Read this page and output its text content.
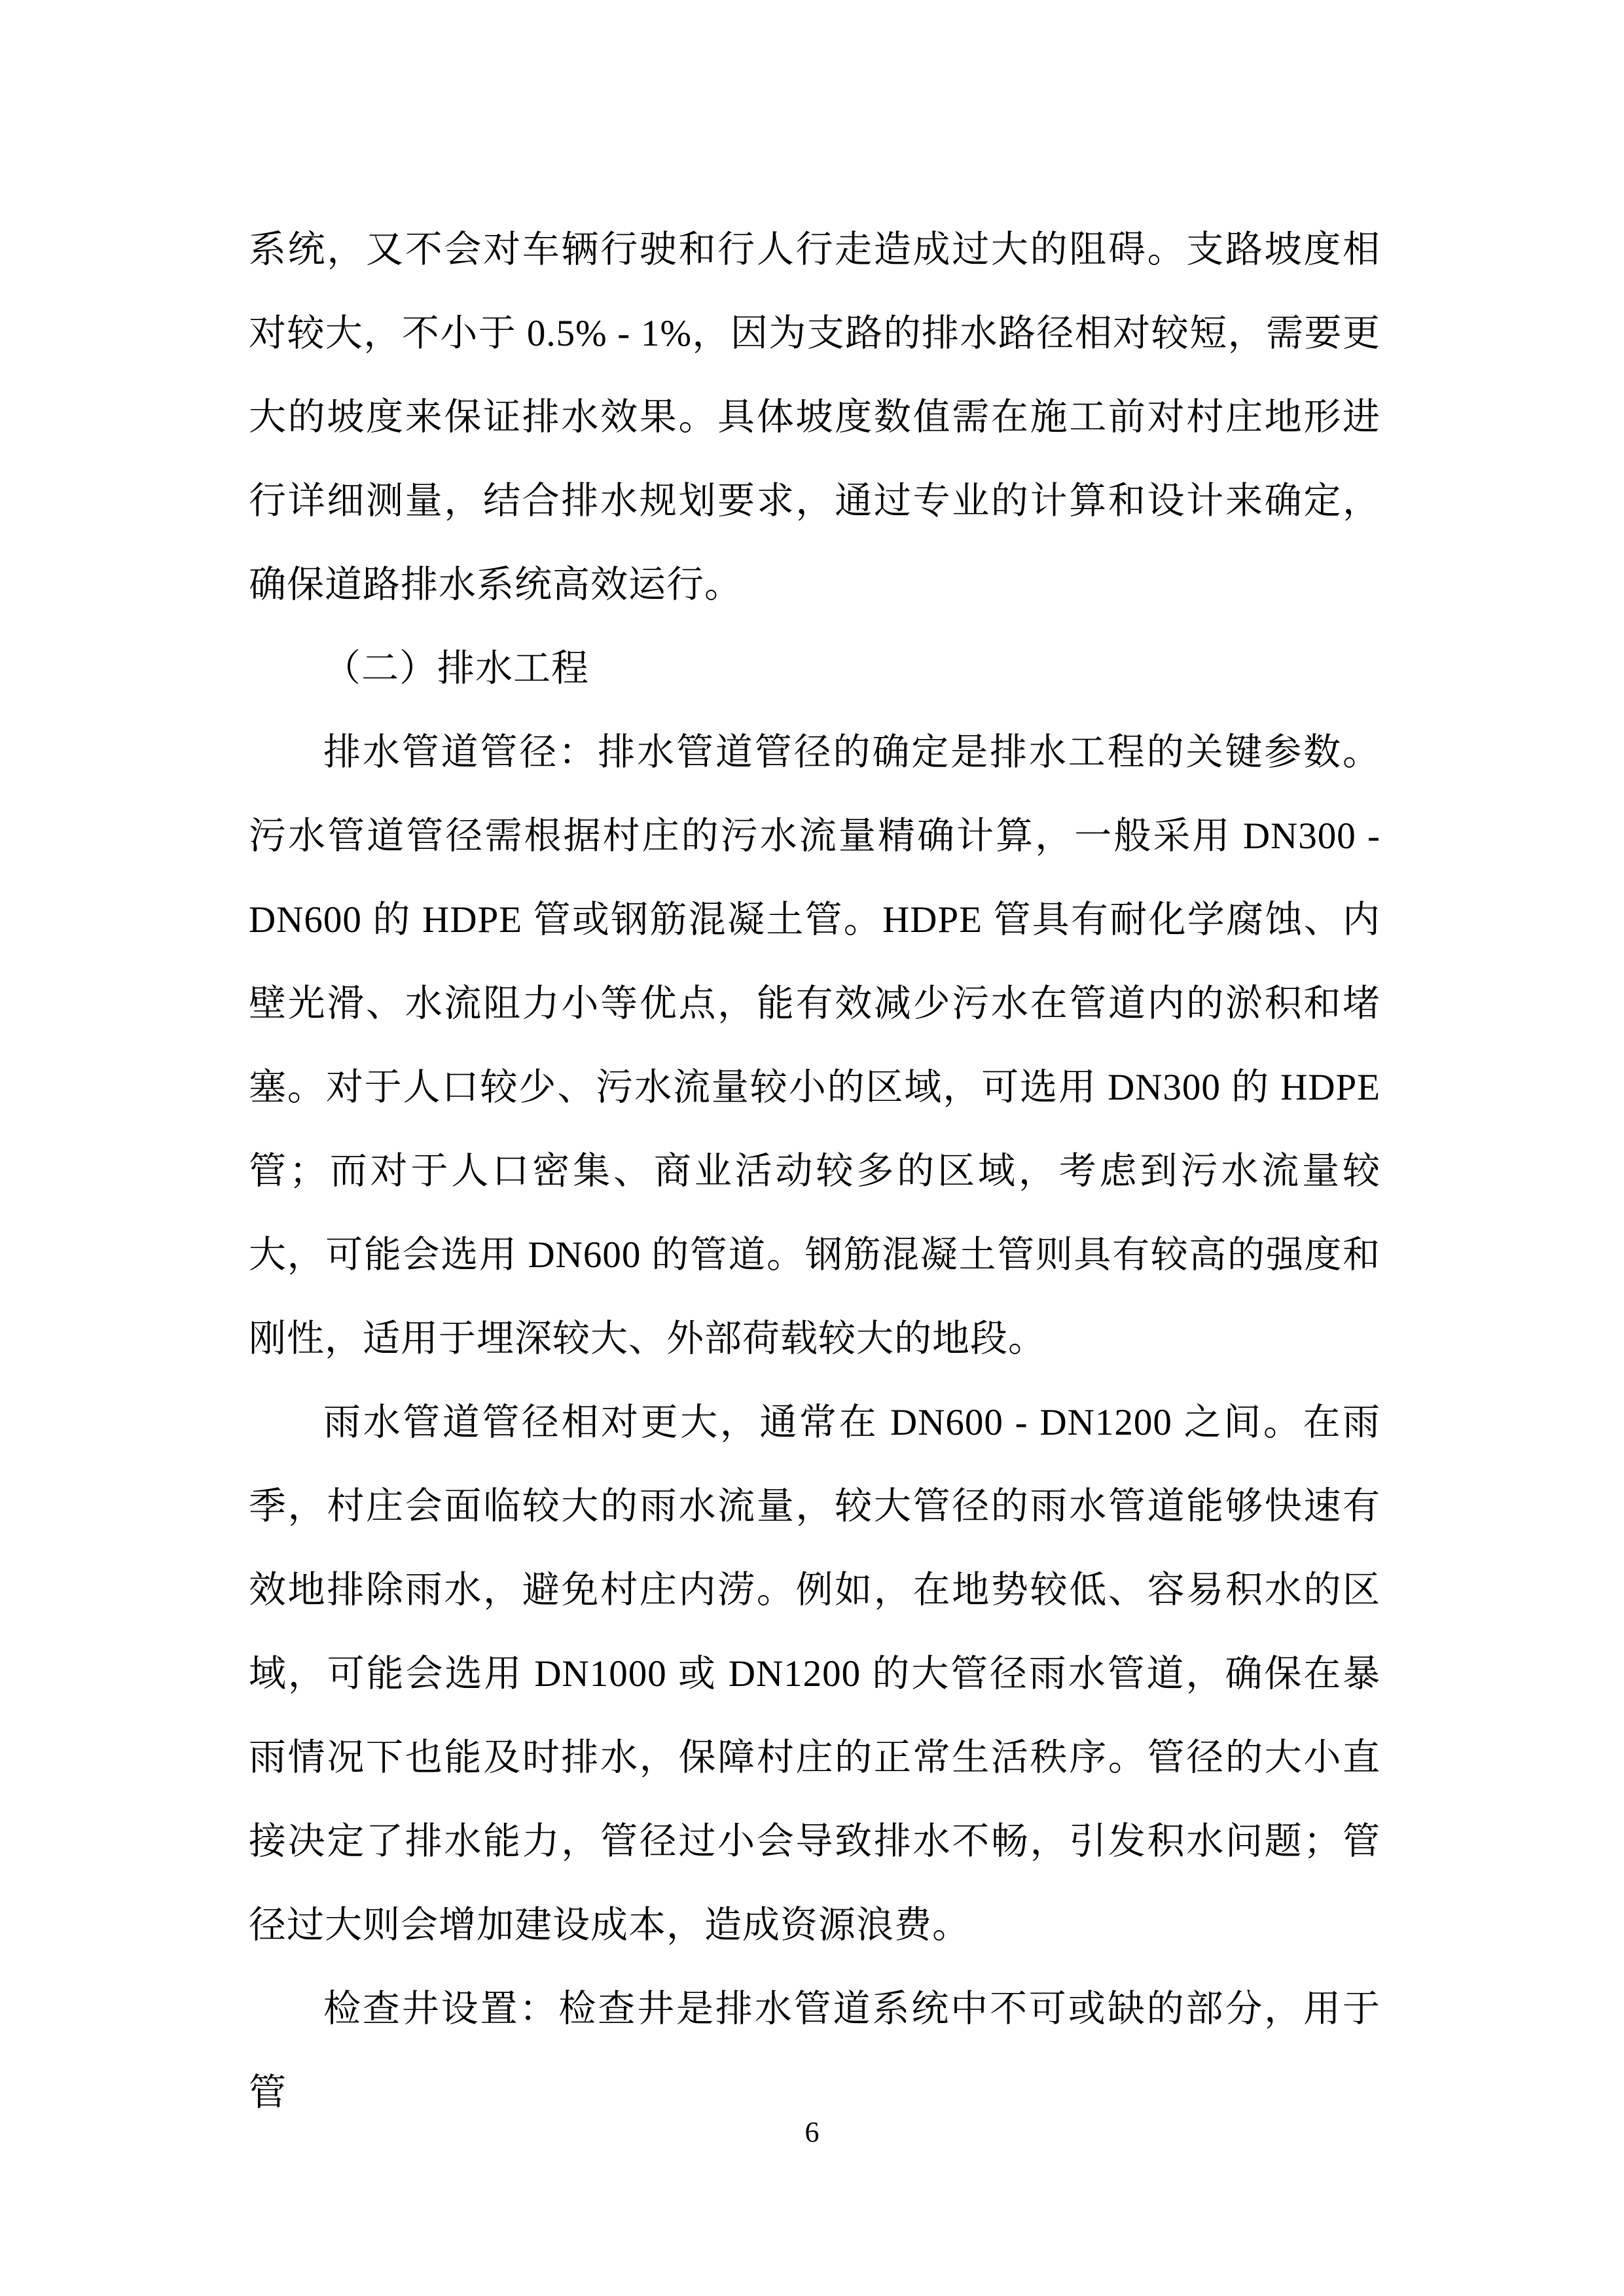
系统，又不会对车辆行驶和行人行走造成过大的阻碍。支路坡度相对较大，不小于 0.5% - 1%，因为支路的排水路径相对较短，需要更大的坡度来保证排水效果。具体坡度数值需在施工前对村庄地形进行详细测量，结合排水规划要求，通过专业的计算和设计来确定，确保道路排水系统高效运行。

（二）排水工程

排水管道管径：排水管道管径的确定是排水工程的关键参数。污水管道管径需根据村庄的污水流量精确计算，一般采用 DN300 - DN600 的 HDPE 管或钢筋混凝土管。HDPE 管具有耐化学腐蚀、内壁光滑、水流阻力小等优点，能有效减少污水在管道内的淤积和堵塞。对于人口较少、污水流量较小的区域，可选用 DN300 的 HDPE 管；而对于人口密集、商业活动较多的区域，考虑到污水流量较大，可能会选用 DN600 的管道。钢筋混凝土管则具有较高的强度和刚性，适用于埋深较大、外部荷载较大的地段。

雨水管道管径相对更大，通常在 DN600 - DN1200 之间。在雨季，村庄会面临较大的雨水流量，较大管径的雨水管道能够快速有效地排除雨水，避免村庄内涝。例如，在地势较低、容易积水的区域，可能会选用 DN1000 或 DN1200 的大管径雨水管道，确保在暴雨情况下也能及时排水，保障村庄的正常生活秩序。管径的大小直接决定了排水能力，管径过小会导致排水不畅，引发积水问题；管径过大则会增加建设成本，造成资源浪费。

检查井设置：检查井是排水管道系统中不可或缺的部分，用于管

6
